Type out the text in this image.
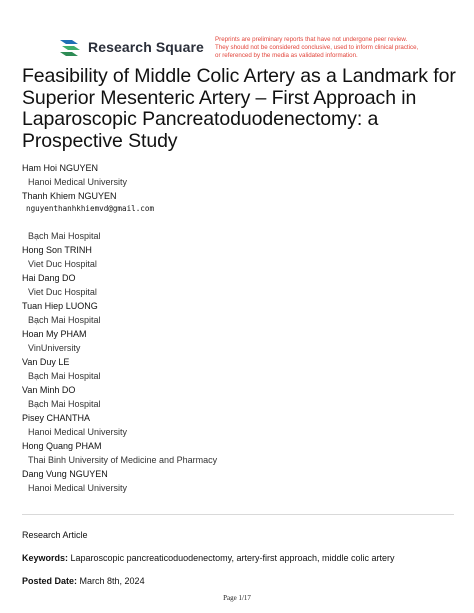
Research Square Preprints are preliminary reports that have not undergone peer review.
They should not be considered conclusive, used to inform clinical practice,
or referenced by the media as validated information.
Feasibility of Middle Colic Artery as a Landmark for Superior Mesenteric Artery – First Approach in Laparoscopic Pancreatoduodenectomy: a Prospective Study
Ham Hoi NGUYEN
Hanoi Medical University
Thanh Khiem NGUYEN
nguyenthanhkhiemvd@gmail.com
Bạch Mai Hospital
Hong Son TRINH
Viet Duc Hospital
Hai Dang DO
Viet Duc Hospital
Tuan Hiep LUONG
Bạch Mai Hospital
Hoan My PHAM
VinUniversity
Van Duy LE
Bạch Mai Hospital
Van Minh DO
Bạch Mai Hospital
Pisey CHANTHA
Hanoi Medical University
Hong Quang PHAM
Thai Binh University of Medicine and Pharmacy
Dang Vung NGUYEN
Hanoi Medical University
Research Article
Keywords: Laparoscopic pancreaticoduodenectomy, artery-first approach, middle colic artery
Posted Date: March 8th, 2024
Page 1/17
